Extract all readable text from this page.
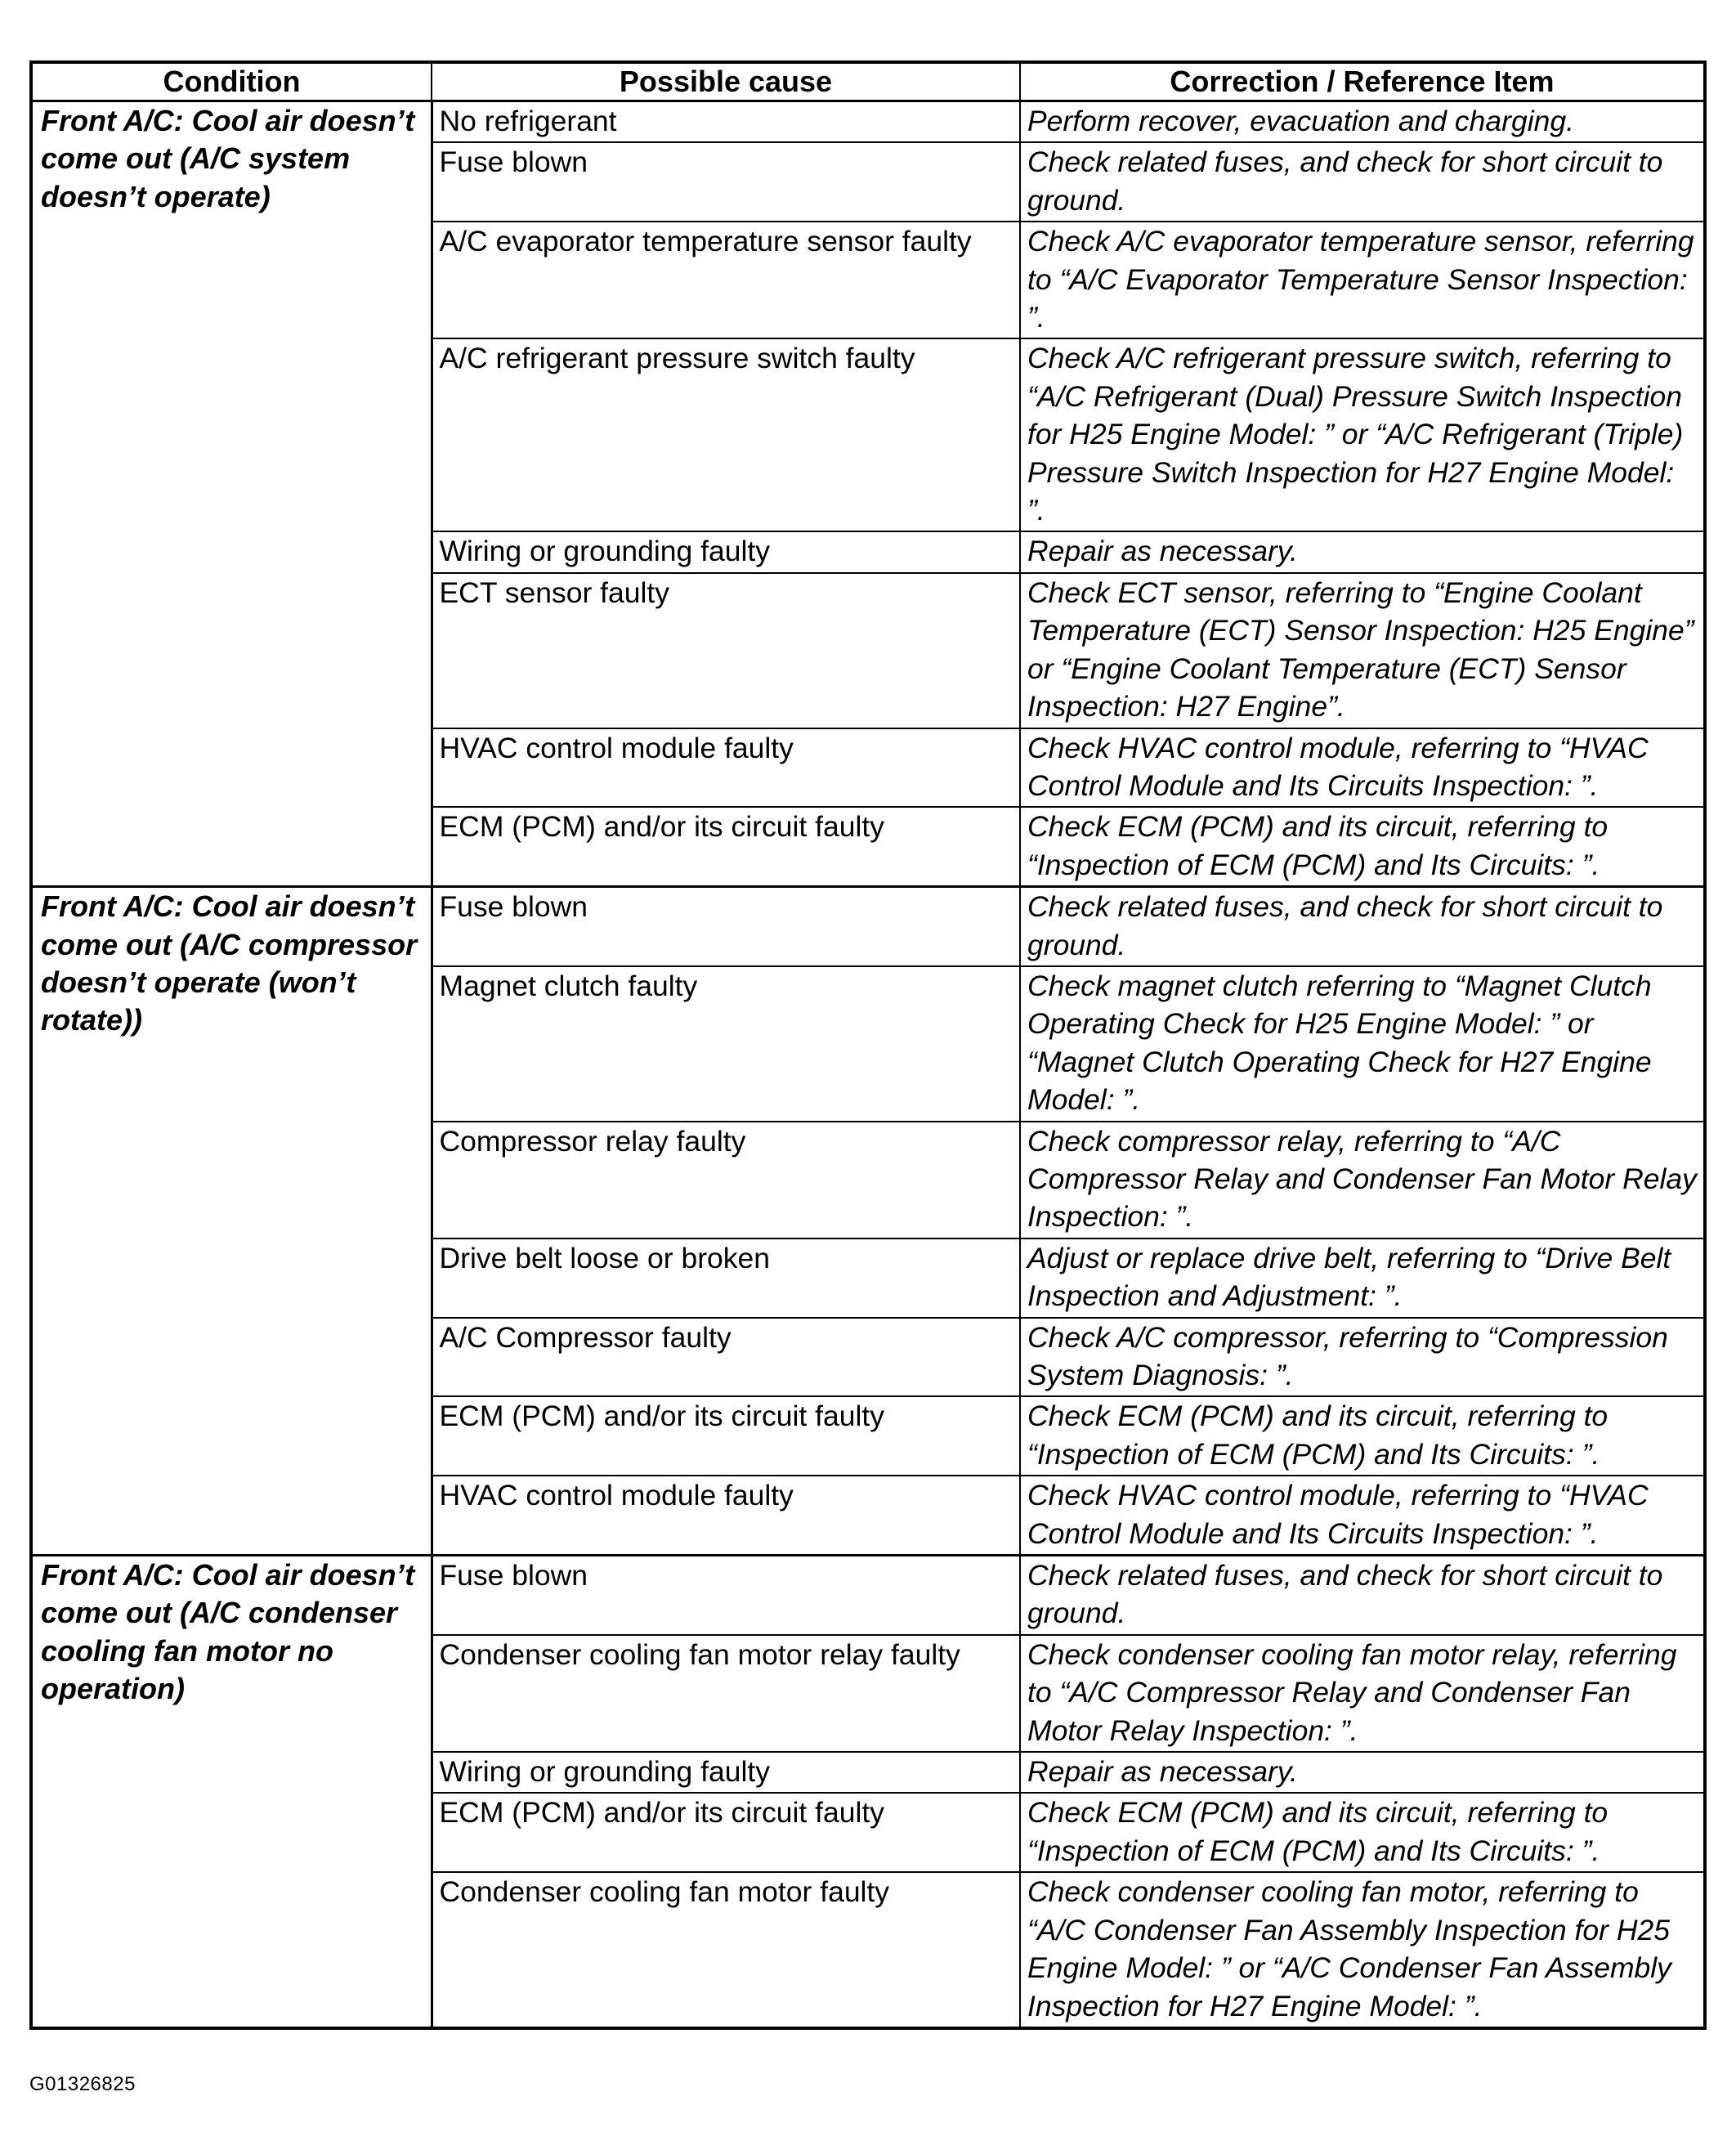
Condition	Possible cause	Correction / Reference Item
Front A/C: Cool air doesn’t come out (A/C system doesn’t operate)	No refrigerant	Perform recover, evacuation and charging.
	Fuse blown	Check related fuses, and check for short circuit to ground.
	A/C evaporator temperature sensor faulty	Check A/C evaporator temperature sensor, referring to “A/C Evaporator Temperature Sensor Inspection: ”.
	A/C refrigerant pressure switch faulty	Check A/C refrigerant pressure switch, referring to “A/C Refrigerant (Dual) Pressure Switch Inspection for H25 Engine Model: ” or “A/C Refrigerant (Triple) Pressure Switch Inspection for H27 Engine Model: ”.
	Wiring or grounding faulty	Repair as necessary.
	ECT sensor faulty	Check ECT sensor, referring to “Engine Coolant Temperature (ECT) Sensor Inspection: H25 Engine” or “Engine Coolant Temperature (ECT) Sensor Inspection: H27 Engine”.
	HVAC control module faulty	Check HVAC control module, referring to “HVAC Control Module and Its Circuits Inspection: ”.
	ECM (PCM) and/or its circuit faulty	Check ECM (PCM) and its circuit, referring to “Inspection of ECM (PCM) and Its Circuits: ”.
Front A/C: Cool air doesn’t come out (A/C compressor doesn’t operate (won’t rotate))	Fuse blown	Check related fuses, and check for short circuit to ground.
	Magnet clutch faulty	Check magnet clutch referring to “Magnet Clutch Operating Check for H25 Engine Model: ” or “Magnet Clutch Operating Check for H27 Engine Model: ”.
	Compressor relay faulty	Check compressor relay, referring to “A/C Compressor Relay and Condenser Fan Motor Relay Inspection: ”.
	Drive belt loose or broken	Adjust or replace drive belt, referring to “Drive Belt Inspection and Adjustment: ”.
	A/C Compressor faulty	Check A/C compressor, referring to “Compression System Diagnosis: ”.
	ECM (PCM) and/or its circuit faulty	Check ECM (PCM) and its circuit, referring to “Inspection of ECM (PCM) and Its Circuits: ”.
	HVAC control module faulty	Check HVAC control module, referring to “HVAC Control Module and Its Circuits Inspection: ”.
Front A/C: Cool air doesn’t come out (A/C condenser cooling fan motor no operation)	Fuse blown	Check related fuses, and check for short circuit to ground.
	Condenser cooling fan motor relay faulty	Check condenser cooling fan motor relay, referring to “A/C Compressor Relay and Condenser Fan Motor Relay Inspection: ”.
	Wiring or grounding faulty	Repair as necessary.
	ECM (PCM) and/or its circuit faulty	Check ECM (PCM) and its circuit, referring to “Inspection of ECM (PCM) and Its Circuits: ”.
	Condenser cooling fan motor faulty	Check condenser cooling fan motor, referring to “A/C Condenser Fan Assembly Inspection for H25 Engine Model: ” or “A/C Condenser Fan Assembly Inspection for H27 Engine Model: ”.
G01326825
